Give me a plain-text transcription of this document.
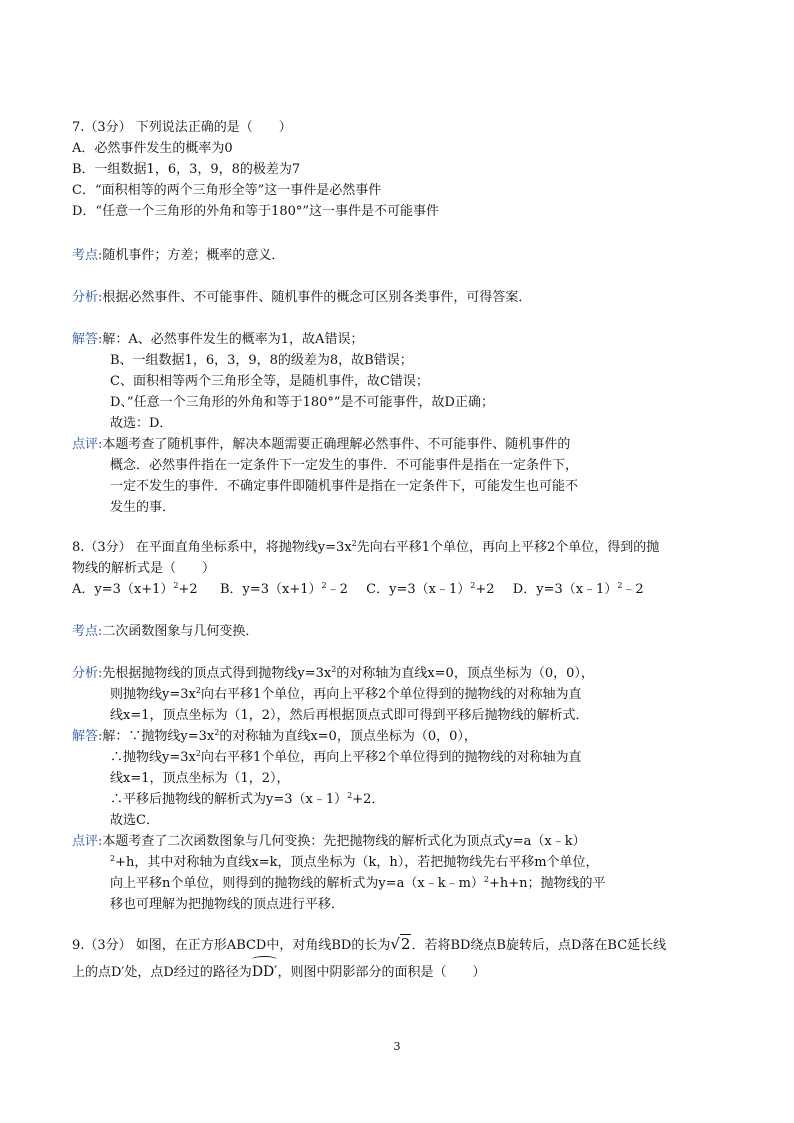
7.（3分） 下列说法正确的是（　　）
A．必然事件发生的概率为0
B．一组数据1，6，3，9，8的极差为7
C．“面积相等的两个三角形全等”这一事件是必然事件
D．“任意一个三角形的外角和等于180°”这一事件是不可能事件
考点:随机事件；方差；概率的意义．
分析:根据必然事件、不可能事件、随机事件的概念可区别各类事件，可得答案．
解答:解：A、必然事件发生的概率为1，故A错误；
B、一组数据1，6，3，9，8的级差为8，故B错误；
C、面积相等两个三角形全等，是随机事件，故C错误；
D、”任意一个三角形的外角和等于180°”是不可能事件，故D正确；
故选：D．
点评:本题考查了随机事件，解决本题需要正确理解必然事件、不可能事件、随机事件的
概念．必然事件指在一定条件下一定发生的事件．不可能事件是指在一定条件下，
一定不发生的事件．不确定事件即随机事件是指在一定条件下，可能发生也可能不
发生的事．
8.（3分） 在平面直角坐标系中，将抛物线$y=3x^2$先向右平移1个单位，再向上平移2个单位，得到的抛
物线的解析式是（　　）
A．$y=3(x+1)^2+2$ B．$y=3(x+1)^2﹣2$ C．y=3（x﹣1）$^2$+2 D．y=3（x﹣1）$^2$﹣2
考点:二次函数图象与几何变换．
分析:先根据抛物线的顶点式得到抛物线$y=3x^2$的对称轴为直线x=0，顶点坐标为（0，0），
则抛物线$y=3x^2$向右平移1个单位，再向上平移2个单位得到的抛物线的对称轴为直
线x=1，顶点坐标为（1，2），然后再根据顶点式即可得到平移后抛物线的解析式．
解答:解：∵抛物线$y=3x^2$的对称轴为直线x=0，顶点坐标为（0，0），
∴抛物线$y=3x^2$向右平移1个单位，再向上平移2个单位得到的抛物线的对称轴为直
线x=1，顶点坐标为（1，2），
∴平移后抛物线的解析式为y=3（x﹣1）$^2$+2．
故选C．
点评:本题考查了二次函数图象与几何变换：先把抛物线的解析式化为顶点式y=a（x﹣k）
$^2$+h，其中对称轴为直线x=k，顶点坐标为（k，h），若把抛物线先右平移m个单位，
向上平移n个单位，则得到的抛物线的解析式为y=a（x﹣k﹣m）$^2$+h+n；抛物线的平
移也可理解为把抛物线的顶点进行平移．
9.（3分） 如图，在正方形ABCD中，对角线BD的长为√2．若将BD绕点B旋转后，点D落在BC延长线
上的点D′处，点D经过的路径为DD′，则图中阴影部分的面积是（　　）
3
